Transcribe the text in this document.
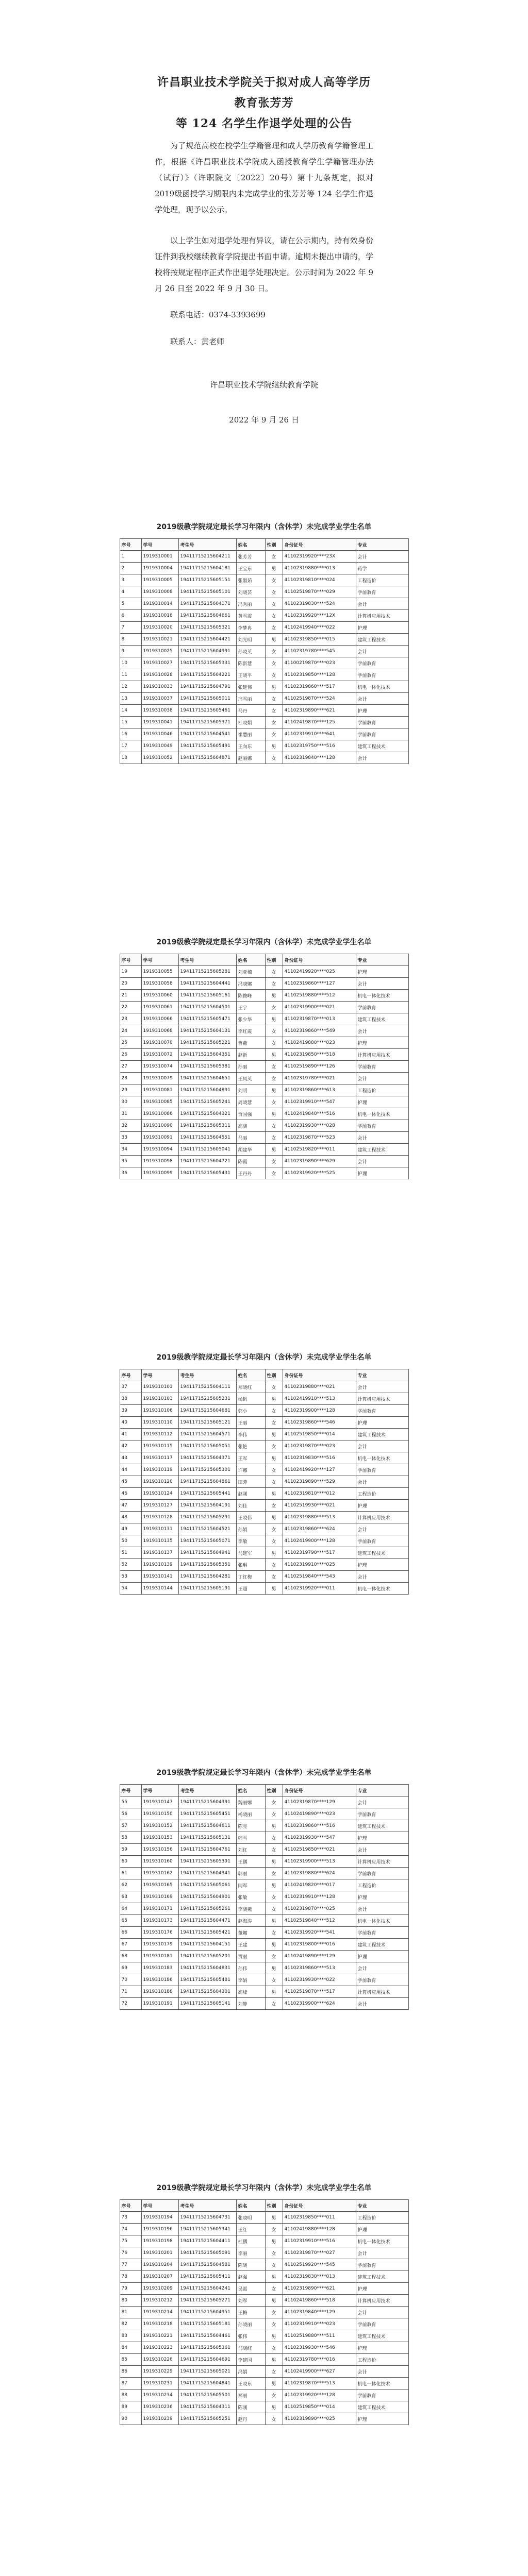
许昌职业技术学院关于拟对成人高等学历教育张芳芳
等 124 名学生作退学处理的公告
为了规范高校在校学生学籍管理和成人学历教育学籍管理工作，根据《许昌职业技术学院成人函授教育学生学籍管理办法（试行）》（许职院文〔2022〕20号）第十九条规定，拟对2019级函授学习期限内未完成学业的张芳芳等 124 名学生作退学处理，现予以公示。
以上学生如对退学处理有异议，请在公示期内，持有效身份证件到我校继续教育学院提出书面申请。逾期未提出申请的，学校将按规定程序正式作出退学处理决定。公示时间为 2022 年 9 月 26 日至 2022 年 9 月 30 日。
联系电话：0374-3393699
联系人：黄老师
许昌职业技术学院继续教育学院
2022 年 9 月 26 日
2019级教学院规定最长学习年限内（含休学）未完成学业学生名单
序号	学号	考生号	姓名	性别	身份证号	专业
1	1919310001	19411715215604211	张芳芳	女	41102319920****23X	会计
2	1919310004	19411715215604181	王宝东	男	41102319880****013	药学
3	1919310005	19411715215605151	张淑茹	女	41102319810****024	工程造价
4	1919310008	19411715215605101	刘晓芸	女	41102519870****029	学前教育
5	1919310014	19411715215604171	冯秀丽	女	41102319830****524	会计
6	1919310018	19411715215604661	黄雪霞	女	41102319920****12X	计算机应用技术
7	1919310020	19411715215605321	李梦冉	女	41102419940****022	护理
8	1919310021	19411715215604421	刘光明	男	41102319850****015	建筑工程技术
9	1919310025	19411715215604991	孙晓英	女	41102319780****545	会计
10	1919310027	19411715215605331	陈新慧	女	41100219870****023	学前教育
11	1919310028	19411715215604221	王晓平	女	41102319850****128	学前教育
12	1919310033	19411715215604791	张建伟	男	41102319860****517	机电一体化技术
13	1919310037	19411715215605011	邢雪丽	女	41102519870****524	会计
14	1919310038	19411715215605461	马丹	女	41102319890****621	护理
15	1919310041	19411715215605371	杜晓娟	女	41102419870****125	学前教育
16	1919310046	19411715215604541	崔慧丽	女	41102319910****641	学前教育
17	1919310049	19411715215605491	王向东	男	41102319750****516	建筑工程技术
18	1919310052	19411715215604871	赵丽娜	女	41102319840****128	会计
2019级教学院规定最长学习年限内（含休学）未完成学业学生名单
序号	学号	考生号	姓名	性别	身份证号	专业
19	1919310055	19411715215605281	刘亚楠	女	41102419920****025	护理
20	1919310058	19411715215604441	冯晓娜	女	41102319860****127	会计
21	1919310060	19411715215605161	陈俊峰	男	41102519880****512	机电一体化技术
22	1919310061	19411715215604501	王宁	女	41102319900****021	学前教育
23	1919310066	19411715215605471	张少华	男	41102319870****013	建筑工程技术
24	1919310068	19411715215604131	李红霞	女	41102319860****549	会计
25	1919310070	19411715215605221	曹燕	女	41102419880****023	护理
26	1919310072	19411715215604351	赵新	男	41102319850****518	计算机应用技术
27	1919310074	19411715215605381	孙丽	女	41102519890****126	学前教育
28	1919310079	19411715215604651	王凤英	女	41102319780****021	会计
29	1919310081	19411715215604891	刘明	男	41102319860****613	工程造价
30	1919310085	19411715215605241	周晓慧	女	41102319910****547	护理
31	1919310086	19411715215604321	贾国强	男	41102419840****516	机电一体化技术
32	1919310090	19411715215605311	高晓	女	41102319930****028	学前教育
33	1919310091	19411715215604551	马丽	女	41102319870****523	会计
34	1919310094	19411715215605041	胡建华	男	41102519820****011	建筑工程技术
35	1919310098	19411715215604721	陈霞	女	41102319890****629	会计
36	1919310099	19411715215605431	王丹丹	女	41102319920****525	护理
2019级教学院规定最长学习年限内（含休学）未完成学业学生名单
序号	学号	考生号	姓名	性别	身份证号	专业
37	1919310101	19411715215604111	郑晓红	女	41102319880****021	会计
38	1919310103	19411715215605231	杨帆	男	41102419910****513	计算机应用技术
39	1919310106	19411715215604681	郭小	女	41102319900****128	学前教育
40	1919310110	19411715215605121	王丽	女	41102319860****546	护理
41	1919310112	19411715215604571	李伟	男	41102519850****014	建筑工程技术
42	1919310115	19411715215605051	张艳	女	41102319870****023	会计
43	1919310117	19411715215604371	王军	男	41102319830****516	机电一体化技术
44	1919310119	19411715215605301	许娜	女	41102419920****127	学前教育
45	1919310120	19411715215604861	田芳	女	41102319890****529	会计
46	1919310124	19411715215605441	赵刚	男	41102319810****012	工程造价
47	1919310127	19411715215604191	刘佳	女	41102519930****021	护理
48	1919310128	19411715215605291	王晓伟	男	41102319880****513	计算机应用技术
49	1919310131	19411715215604521	孙娟	女	41102319860****624	会计
50	1919310135	19411715215605071	李敏	女	41102419900****128	学前教育
51	1919310137	19411715215604941	马建军	男	41102319790****517	建筑工程技术
52	1919310139	19411715215605351	张琳	女	41102319910****025	护理
53	1919310141	19411715215604281	丁红梅	女	41102519840****543	会计
54	1919310144	19411715215605191	王超	男	41102319920****011	机电一体化技术
2019级教学院规定最长学习年限内（含休学）未完成学业学生名单
序号	学号	考生号	姓名	性别	身份证号	专业
55	1919310147	19411715215604391	魏丽娜	女	41102319870****129	会计
56	1919310150	19411715215605451	杨晓丽	女	41102419890****023	学前教育
57	1919310152	19411715215604611	陈亮	男	41102319860****516	建筑工程技术
58	1919310153	19411715215605131	韩雪	女	41102319930****547	护理
59	1919310156	19411715215604761	刘红	女	41102519850****021	会计
60	1919310160	19411715215605391	王鹏	男	41102319900****513	计算机应用技术
61	1919310162	19411715215604341	郭丽	女	41102319880****624	学前教育
62	1919310165	19411715215605061	闫军	男	41102419820****017	工程造价
63	1919310169	19411715215604901	张敏	女	41102319910****128	护理
64	1919310171	19411715215605261	李晓燕	女	41102319870****025	会计
65	1919310173	19411715215604471	赵海涛	男	41102519840****512	机电一体化技术
66	1919310176	19411715215605421	董娜	女	41102319920****541	学前教育
67	1919310179	19411715215604151	王建	男	41102319800****016	建筑工程技术
68	1919310181	19411715215605201	贾丽	女	41102419890****129	护理
69	1919310183	19411715215604831	孙伟	男	41102319860****513	会计
70	1919310186	19411715215605481	李娟	女	41102319930****022	学前教育
71	1919310188	19411715215604301	高峰	男	41102519870****517	计算机应用技术
72	1919310191	19411715215605141	刘静	女	41102319900****624	会计
2019级教学院规定最长学习年限内（含休学）未完成学业学生名单
序号	学号	考生号	姓名	性别	身份证号	专业
73	1919310194	19411715215604731	张晓明	男	41102319850****011	工程造价
74	1919310196	19411715215605341	王红	女	41102419880****128	护理
75	1919310198	19411715215604411	杜鹏	男	41102319910****516	机电一体化技术
76	1919310201	19411715215605091	李丽	女	41102319870****027	会计
77	1919310204	19411715215604581	陈晓	女	41102519920****545	学前教育
78	1919310207	19411715215605411	赵强	男	41102319830****013	建筑工程技术
79	1919310209	19411715215604241	吴霞	女	41102319890****621	护理
80	1919310212	19411715215605271	刘军	男	41102419860****518	计算机应用技术
81	1919310214	19411715215604951	王梅	女	41102319840****129	会计
82	1919310218	19411715215605181	孙晓丽	女	41102319910****023	学前教育
83	1919310221	19411715215604461	张伟	男	41102519880****511	建筑工程技术
84	1919310223	19411715215605361	马晓红	女	41102319930****546	护理
85	1919310226	19411715215604691	李建国	男	41102319780****016	工程造价
86	1919310229	19411715215605021	冯娟	女	41102419900****627	会计
87	1919310231	19411715215604841	王晓东	男	41102319870****513	机电一体化技术
88	1919310234	19411715215605501	郑丽	女	41102319920****128	学前教育
89	1919310236	19411715215604311	陈刚	男	41102519850****014	建筑工程技术
90	1919310239	19411715215605251	赵丹	女	41102319890****025	护理
